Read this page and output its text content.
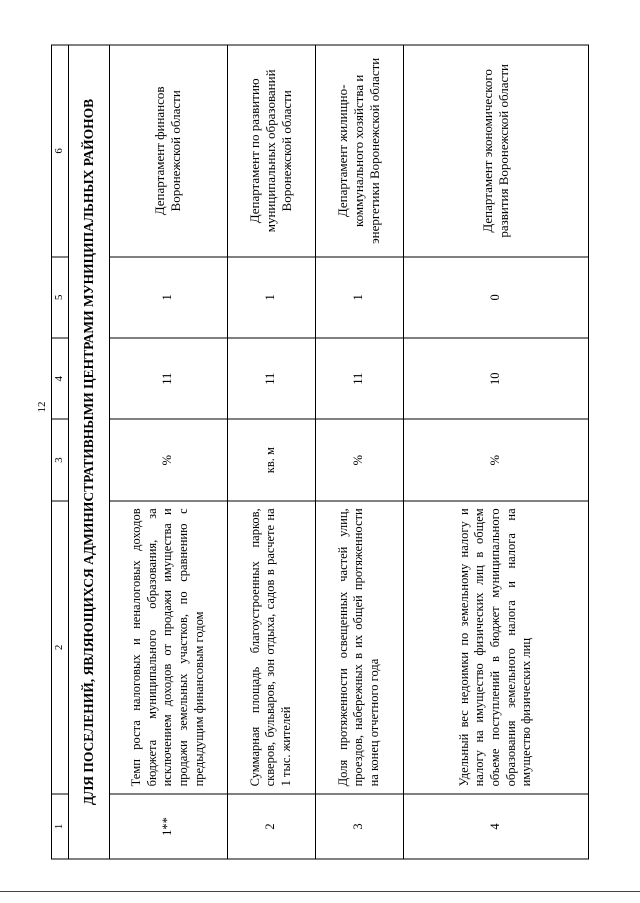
12
1	2	3	4	5	6
ДЛЯ ПОСЕЛЕНИЙ, ЯВЛЯЮЩИХСЯ АДМИНИСТРАТИВНЫМИ ЦЕНТРАМИ МУНИЦИПАЛЬНЫХ РАЙОНОВ					
1**	Темп роста налоговых и неналоговых доходов бюджета муниципального образования, за исключением доходов от продажи имущества и продажи земельных участков, по сравнению с предыдущим финансовым годом	%	11	1	Департамент финансов Воронежской области
2	Суммарная площадь благоустроенных парков, скверов, бульваров, зон отдыха, садов в расчете на 1 тыс. жителей	кв. м	11	1	Департамент по развитию муниципальных образований Воронежской области
3	Доля протяженности освещенных частей улиц, проездов, набережных в их общей протяженности на конец отчетного года	%	11	1	Департамент жилищно-коммунального хозяйства и энергетики Воронежской области
4	Удельный вес недоимки по земельному налогу и налогу на имущество физических лиц в общем объеме поступлений в бюджет муниципального образования земельного налога и налога на имущество физических лиц	%	10	0	Департамент экономического развития Воронежской области
